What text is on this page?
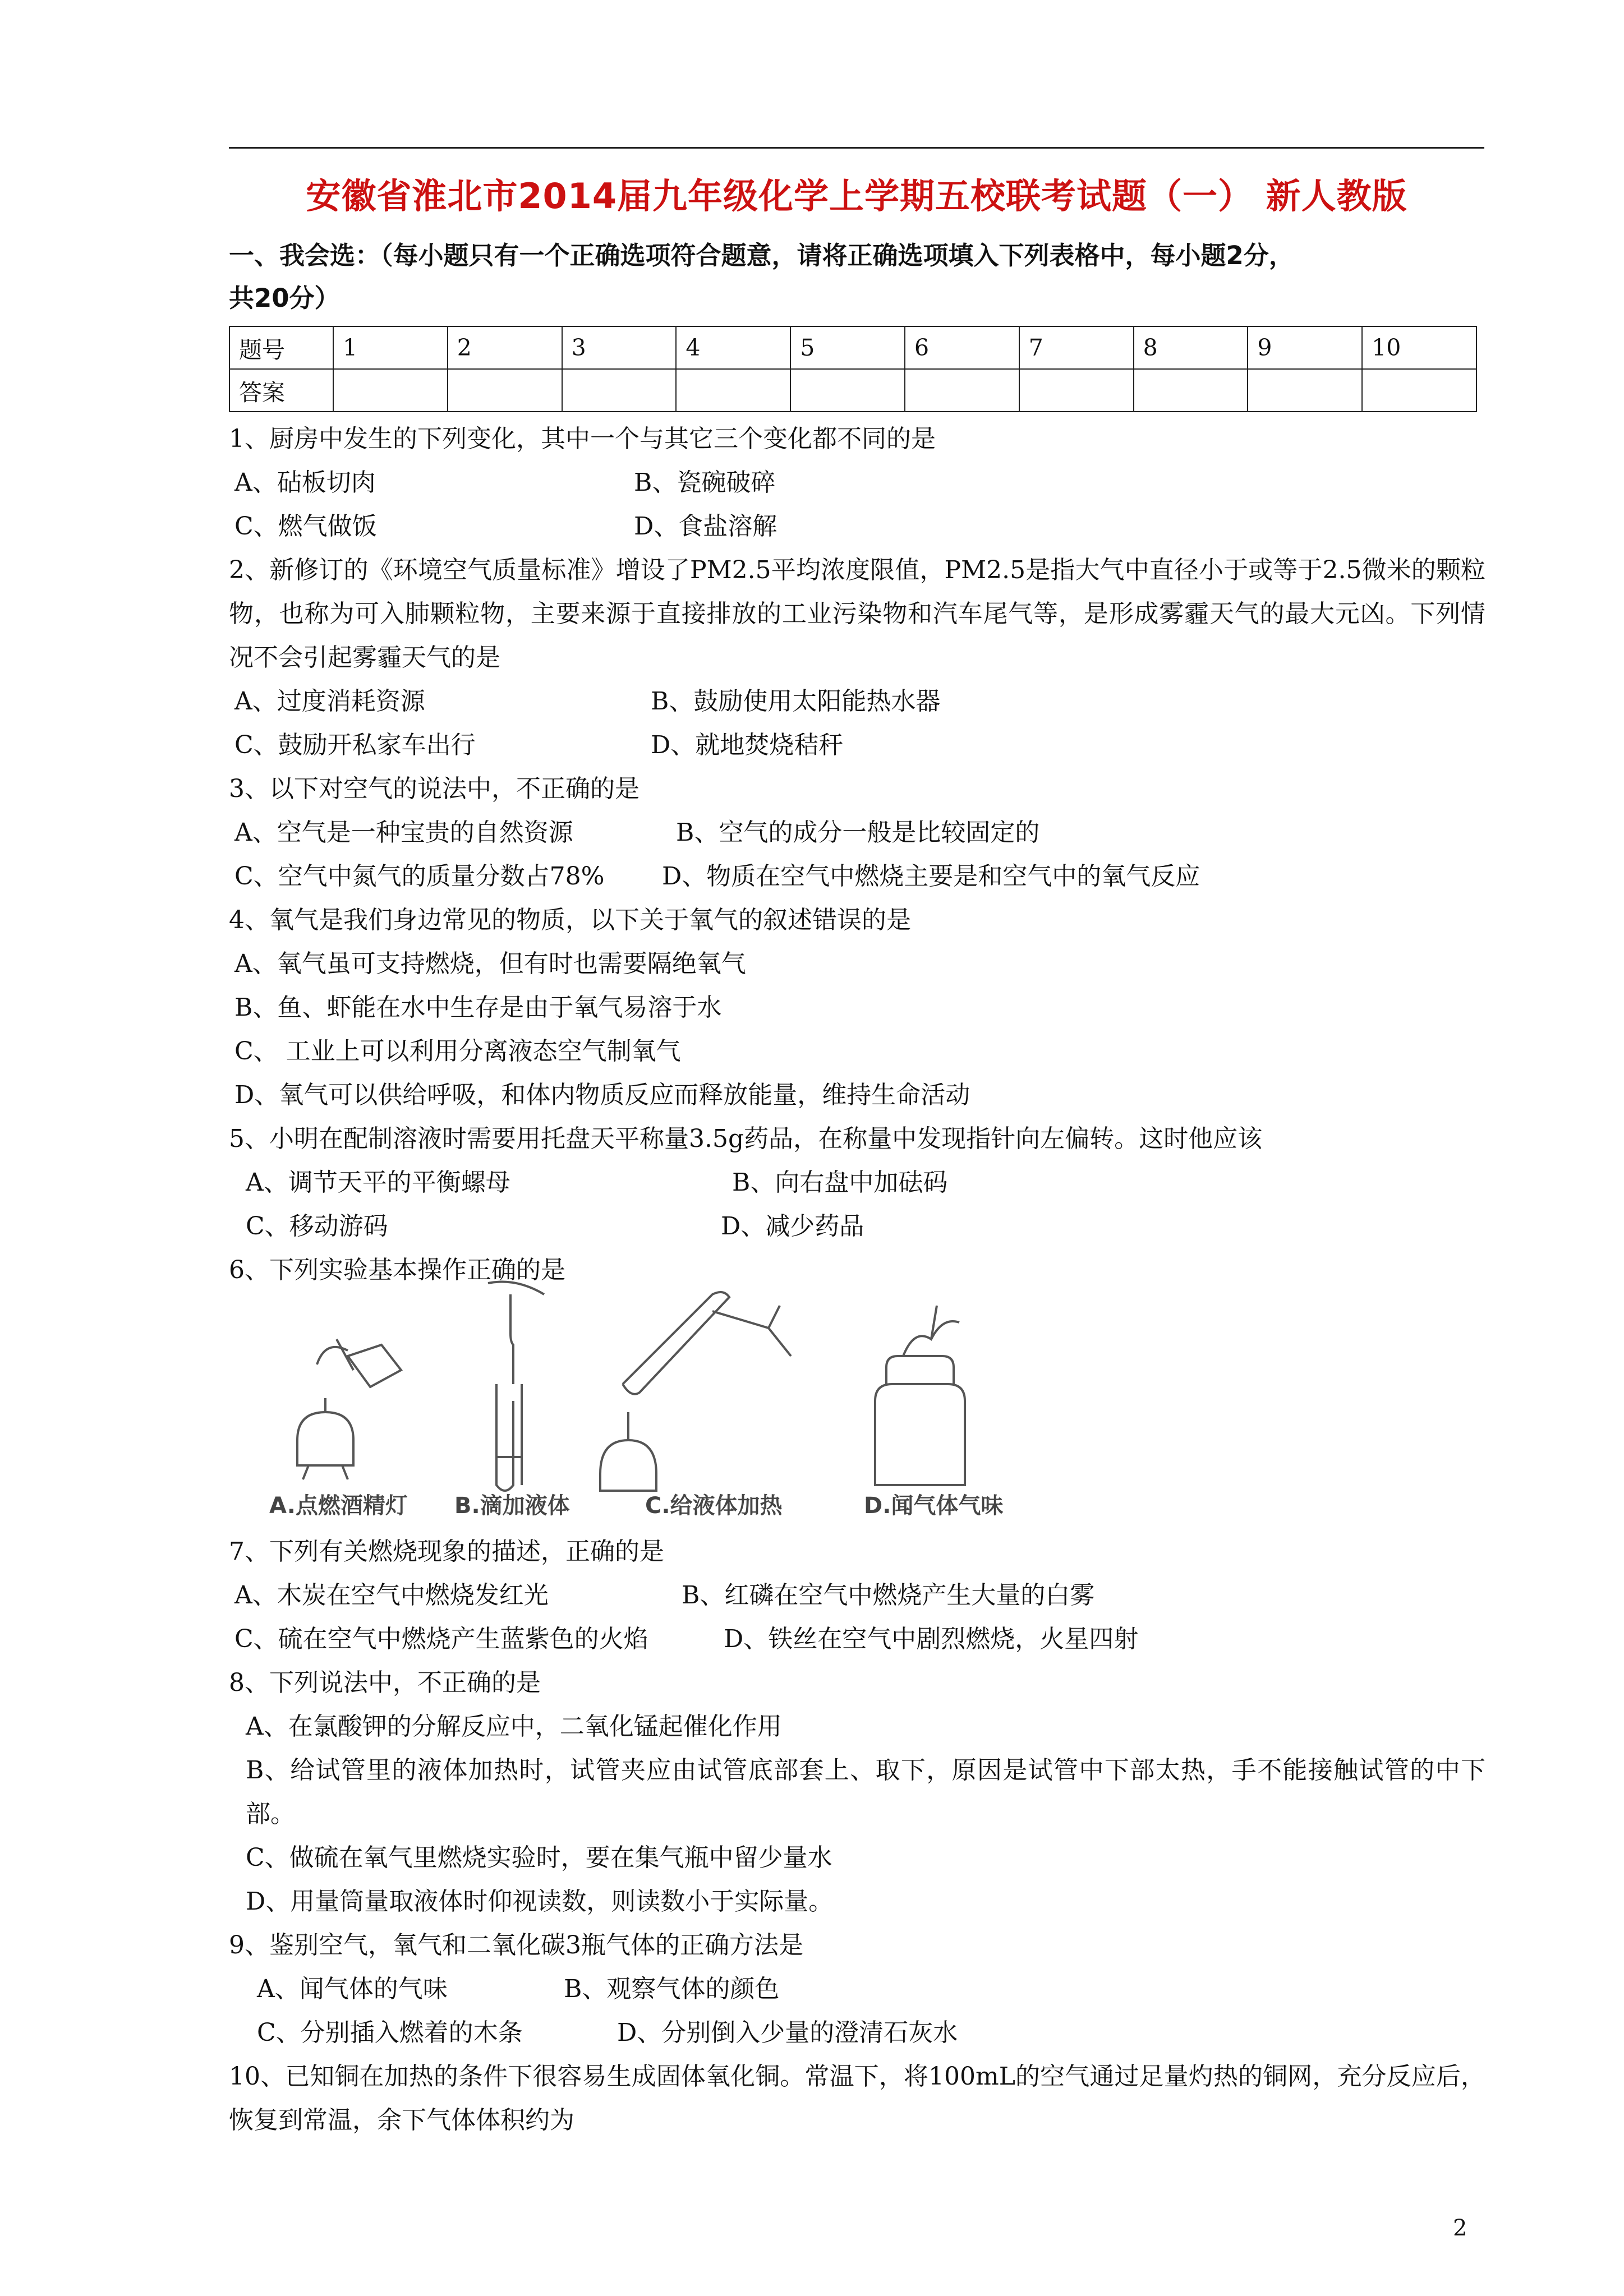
安徽省淮北市2014届九年级化学上学期五校联考试题（一） 新人教版
一、我会选：（每小题只有一个正确选项符合题意，请将正确选项填入下列表格中，每小题2分，
共20分）
题号	1	2	3	4	5	6	7	8	9	10
答案										
1、厨房中发生的下列变化，其中一个与其它三个变化都不同的是
A、砧板切肉	B、瓷碗破碎
C、燃气做饭	D、食盐溶解
2、新修订的《环境空气质量标准》增设了PM2.5平均浓度限值，PM2.5是指大气中直径小于或等于2.5微米的颗粒物，也称为可入肺颗粒物，主要来源于直接排放的工业污染物和汽车尾气等，是形成雾霾天气的最大元凶。下列情况不会引起雾霾天气的是
A、过度消耗资源	B、鼓励使用太阳能热水器
C、鼓励开私家车出行	D、就地焚烧秸秆
3、以下对空气的说法中，不正确的是
A、空气是一种宝贵的自然资源	B、空气的成分一般是比较固定的
C、空气中氮气的质量分数占78% D、物质在空气中燃烧主要是和空气中的氧气反应
4、氧气是我们身边常见的物质，以下关于氧气的叙述错误的是
A、氧气虽可支持燃烧，但有时也需要隔绝氧气
B、鱼、虾能在水中生存是由于氧气易溶于水
C、 工业上可以利用分离液态空气制氧气
D、氧气可以供给呼吸，和体内物质反应而释放能量，维持生命活动
5、小明在配制溶液时需要用托盘天平称量3.5g药品，在称量中发现指针向左偏转。这时他应该
A、调节天平的平衡螺母	B、向右盘中加砝码
C、移动游码	D、减少药品
6、下列实验基本操作正确的是
A.点燃酒精灯 B.滴加液体	C.给液体加热	D.闻气体气味
7、下列有关燃烧现象的描述，正确的是
A、木炭在空气中燃烧发红光	B、红磷在空气中燃烧产生大量的白雾
C、硫在空气中燃烧产生蓝紫色的火焰	D、铁丝在空气中剧烈燃烧，火星四射
8、下列说法中，不正确的是
A、在氯酸钾的分解反应中，二氧化锰起催化作用
B、给试管里的液体加热时，试管夹应由试管底部套上、取下，原因是试管中下部太热，手不能接触试管的中下部。
C、做硫在氧气里燃烧实验时，要在集气瓶中留少量水
D、用量筒量取液体时仰视读数，则读数小于实际量。
9、鉴别空气，氧气和二氧化碳3瓶气体的正确方法是
A、闻气体的气味	B、观察气体的颜色
C、分别插入燃着的木条	D、分别倒入少量的澄清石灰水
10、已知铜在加热的条件下很容易生成固体氧化铜。常温下，将100mL的空气通过足量灼热的铜网，充分反应后，恢复到常温，余下气体体积约为
2
